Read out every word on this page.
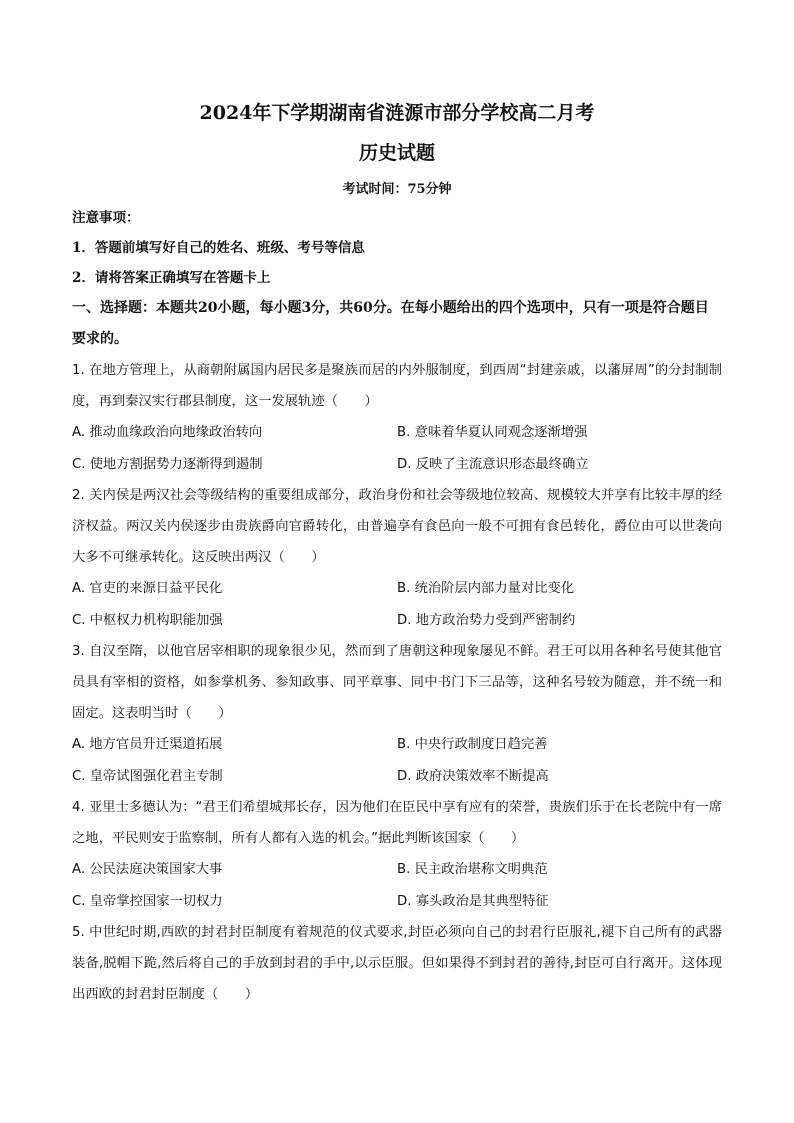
2024年下学期湖南省涟源市部分学校高二月考
历史试题
考试时间：75分钟
注意事项：
1．答题前填写好自己的姓名、班级、考号等信息
2．请将答案正确填写在答题卡上
一、选择题：本题共20小题，每小题3分，共60分。在每小题给出的四个选项中，只有一项是符合题目要求的。
1. 在地方管理上，从商朝附属国内居民多是聚族而居的内外服制度，到西周“封建亲戚，以藩屏周”的分封制制度，再到秦汉实行郡县制度，这一发展轨迹（　　）
A. 推动血缘政治向地缘政治转向	B. 意味着华夏认同观念逐渐增强
C. 使地方割据势力逐渐得到遏制	D. 反映了主流意识形态最终确立
2. 关内侯是两汉社会等级结构的重要组成部分，政治身份和社会等级地位较高、规模较大并享有比较丰厚的经济权益。两汉关内侯逐步由贵族爵向官爵转化，由普遍享有食邑向一般不可拥有食邑转化，爵位由可以世袭向大多不可继承转化。这反映出两汉（　　）
A. 官吏的来源日益平民化	B. 统治阶层内部力量对比变化
C. 中枢权力机构职能加强	D. 地方政治势力受到严密制约
3. 自汉至隋，以他官居宰相职的现象很少见，然而到了唐朝这种现象屡见不鲜。君王可以用各种名号使其他官员具有宰相的资格，如参掌机务、参知政事、同平章事、同中书门下三品等，这种名号较为随意，并不统一和固定。这表明当时（　　）
A. 地方官员升迁渠道拓展	B. 中央行政制度日趋完善
C. 皇帝试图强化君主专制	D. 政府决策效率不断提高
4. 亚里士多德认为：“君王们希望城邦长存，因为他们在臣民中享有应有的荣誉，贵族们乐于在长老院中有一席之地，平民则安于监察制，所有人都有入选的机会。”据此判断该国家（　　）
A. 公民法庭决策国家大事	B. 民主政治堪称文明典范
C. 皇帝掌控国家一切权力	D. 寡头政治是其典型特征
5. 中世纪时期,西欧的封君封臣制度有着规范的仪式要求,封臣必须向自己的封君行臣服礼,褪下自己所有的武器装备,脱帽下跪,然后将自己的手放到封君的手中,以示臣服。但如果得不到封君的善待,封臣可自行离开。这体现出西欧的封君封臣制度（　　）
